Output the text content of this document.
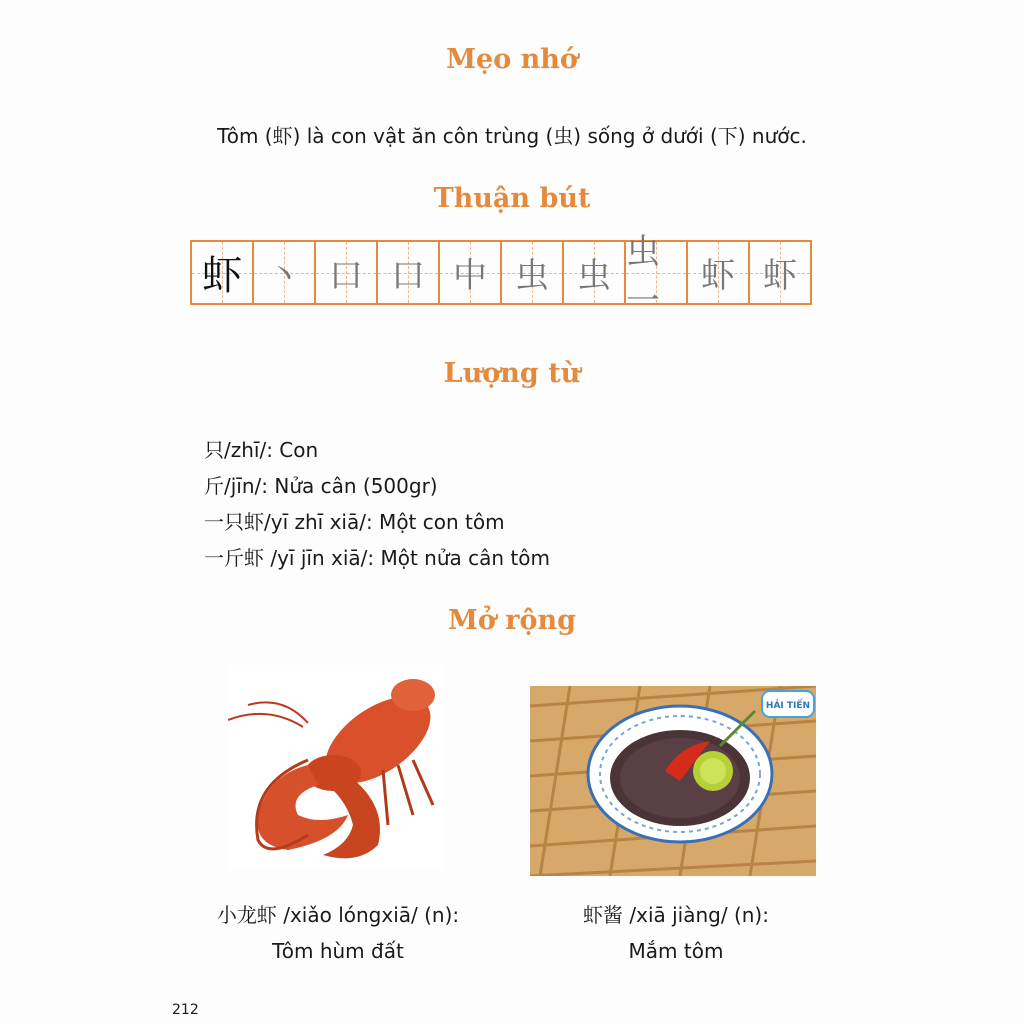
Mẹo nhớ
Tôm (虾) là con vật ăn côn trùng (虫) sống ở dưới (下) nước.
Thuận bút
虾 丶 口 口 中 虫 虫
虫一
虾 虾
Lượng từ
只/zhī/: Con
斤/jīn/: Nửa cân (500gr)
一只虾/yī zhī xiā/: Một con tôm
一斤虾 /yī jīn xiā/: Một nửa cân tôm
Mở rộng
HẢI TIẾN
小龙虾 /xiǎo lóngxiā/ (n):
Tôm hùm đất
虾酱 /xiā jiàng/ (n):
Mắm tôm
212
